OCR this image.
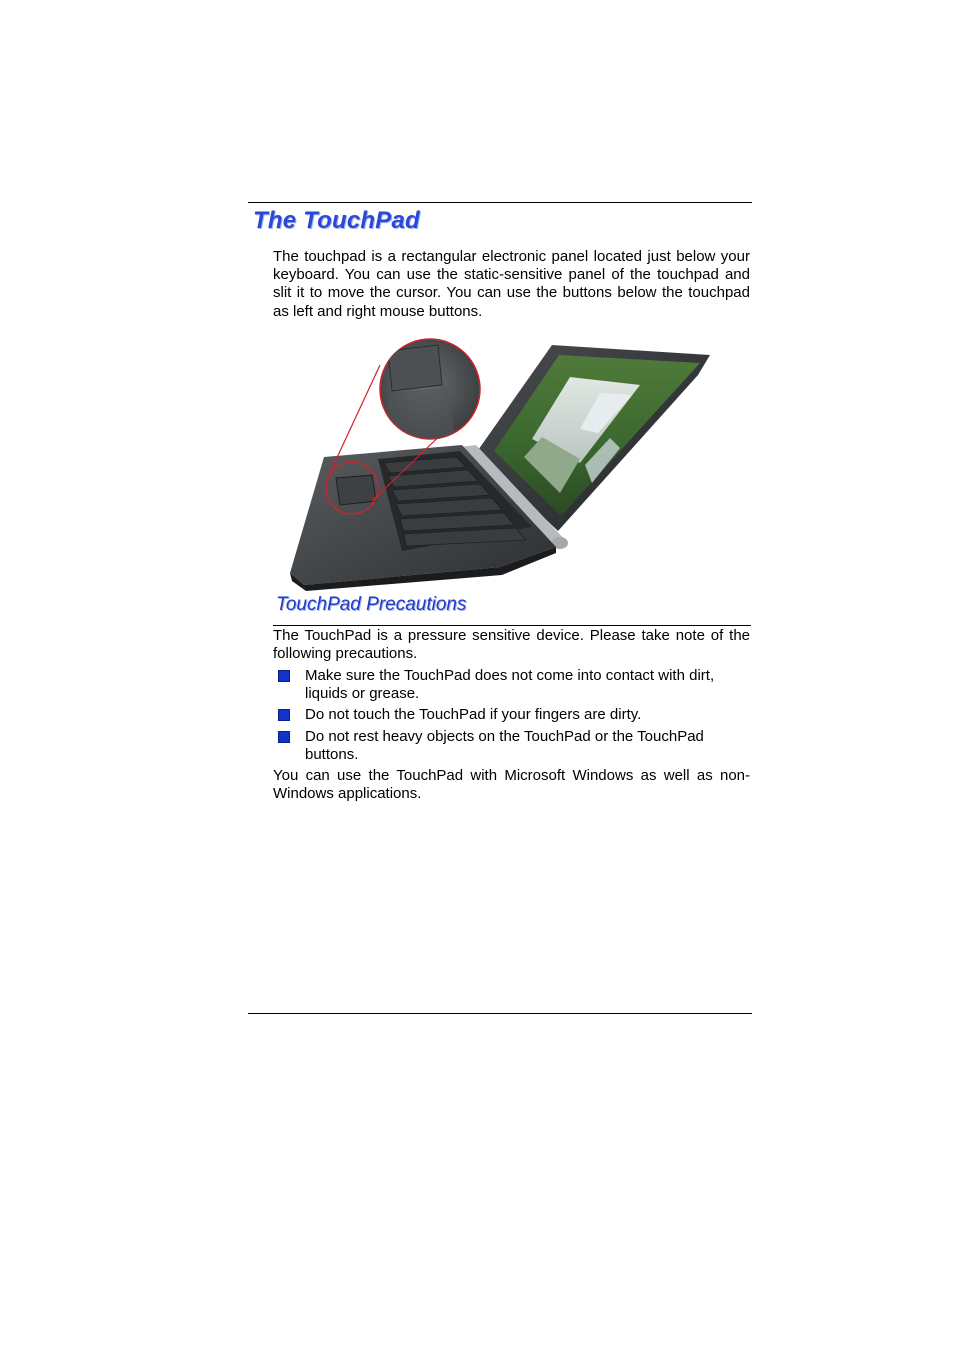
The TouchPad

The touchpad is a rectangular electronic panel located just below your keyboard. You can use the static-sensitive panel of the touchpad and slit it to move the cursor. You can use the buttons below the touchpad as left and right mouse buttons.

TouchPad Precautions

The TouchPad is a pressure sensitive device. Please take note of the following precautions.

Make sure the TouchPad does not come into contact with dirt, liquids or grease.
Do not touch the TouchPad if your fingers are dirty.
Do not rest heavy objects on the TouchPad or the TouchPad buttons.

You can use the TouchPad with Microsoft Windows as well as non-Windows applications.
